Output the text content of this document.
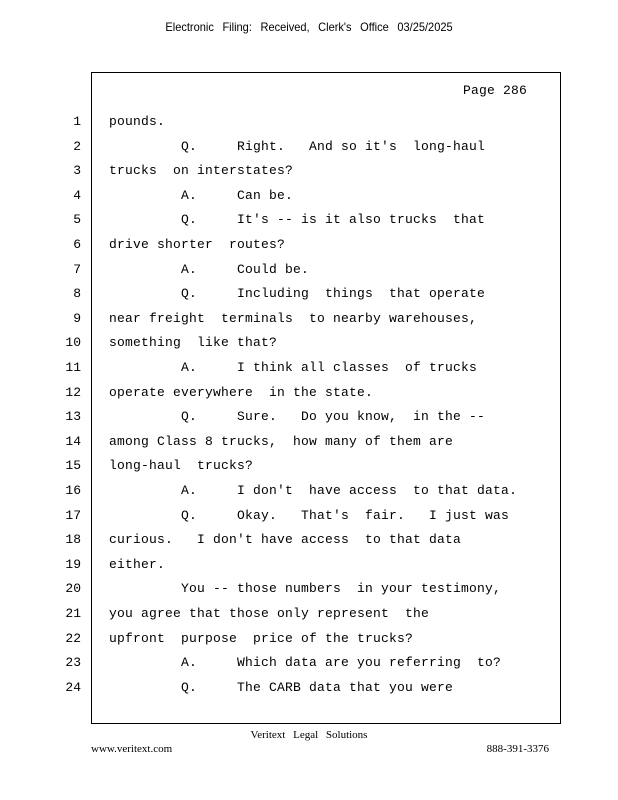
Electronic Filing: Received, Clerk's Office 03/25/2025
Page 286
1 pounds.
2 Q.     Right.   And so it's  long-haul
3 trucks  on interstates?
4 A.     Can be.
5 Q.     It's -- is it also trucks  that
6 drive shorter  routes?
7 A.     Could be.
8 Q.     Including  things  that operate
9 near freight  terminals  to nearby warehouses,
10 something  like that?
11 A.     I think all classes  of trucks
12 operate everywhere  in the state.
13 Q.     Sure.   Do you know,  in the --
14 among Class 8 trucks,  how many of them are
15 long-haul  trucks?
16 A.     I don't  have access  to that data.
17 Q.     Okay.   That's  fair.   I just was
18 curious.   I don't have access  to that data
19 either.
20 You -- those numbers  in your testimony,
21 you agree that those only represent  the
22 upfront  purpose  price of the trucks?
23 A.     Which data are you referring  to?
24 Q.     The CARB data that you were
Veritext Legal Solutions
www.veritext.com	888-391-3376
